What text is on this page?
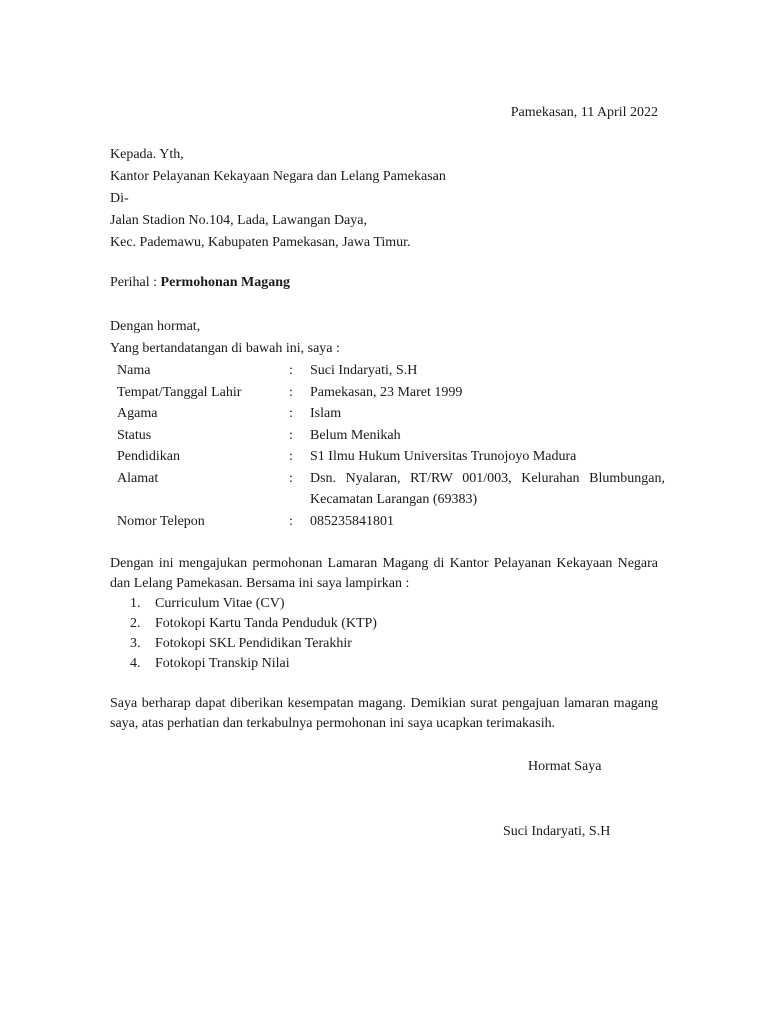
Pamekasan, 11 April 2022
Kepada. Yth,
Kantor Pelayanan Kekayaan Negara dan Lelang Pamekasan
Di-
Jalan Stadion No.104, Lada, Lawangan Daya,
Kec. Pademawu, Kabupaten Pamekasan, Jawa Timur.
Perihal : Permohonan Magang
Dengan hormat,
Yang bertandatangan di bawah ini, saya :
Nama	:	Suci Indaryati, S.H
Tempat/Tanggal Lahir	:	Pamekasan, 23 Maret 1999
Agama	:	Islam
Status	:	Belum Menikah
Pendidikan	:	S1 Ilmu Hukum Universitas Trunojoyo Madura
Alamat	:	Dsn. Nyalaran, RT/RW 001/003, Kelurahan Blumbungan, Kecamatan Larangan (69383)
Nomor Telepon	:	085235841801
Dengan ini mengajukan permohonan Lamaran Magang di Kantor Pelayanan Kekayaan Negara dan Lelang Pamekasan. Bersama ini saya lampirkan :
1. Curriculum Vitae (CV)
2. Fotokopi Kartu Tanda Penduduk (KTP)
3. Fotokopi SKL Pendidikan Terakhir
4. Fotokopi Transkip Nilai
Saya berharap dapat diberikan kesempatan magang. Demikian surat pengajuan lamaran magang saya, atas perhatian dan terkabulnya permohonan ini saya ucapkan terimakasih.
Hormat Saya
Suci Indaryati, S.H
